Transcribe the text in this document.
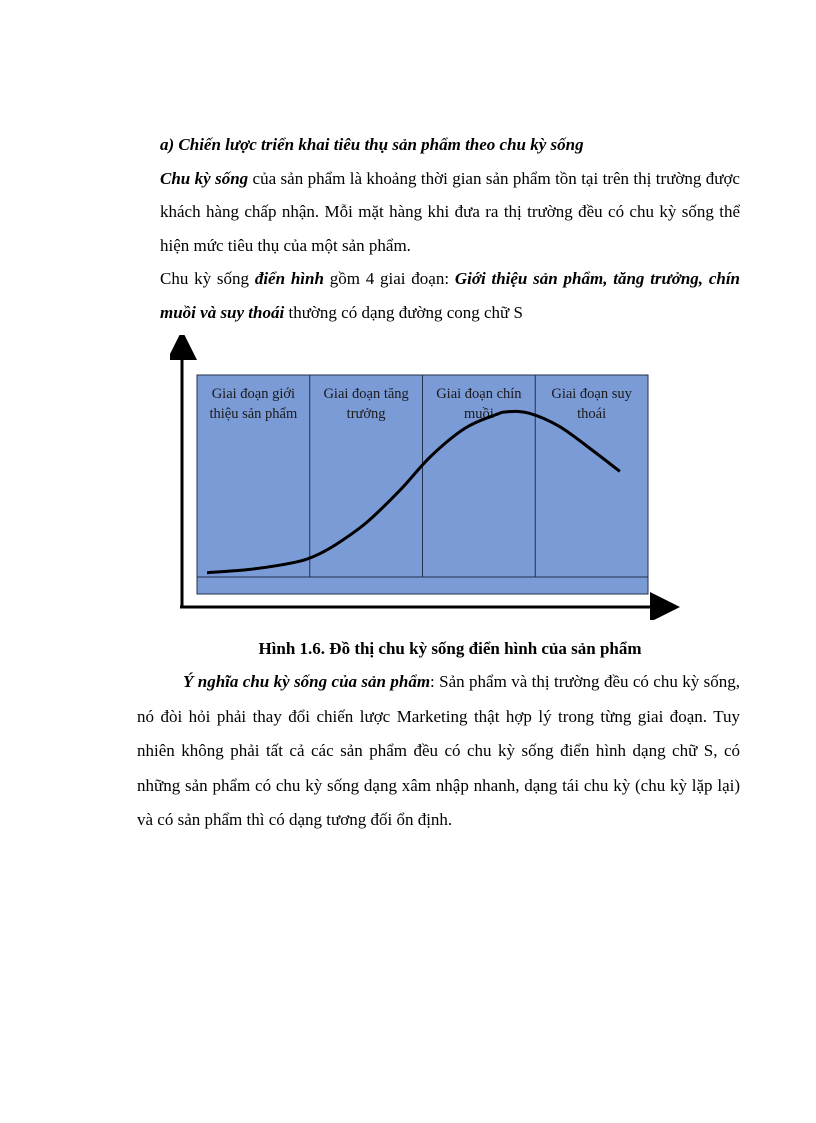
a) Chiến lược triển khai tiêu thụ sản phẩm theo chu kỳ sống

Chu kỳ sống của sản phẩm là khoảng thời gian sản phẩm tồn tại trên thị trường được khách hàng chấp nhận. Mỗi mặt hàng khi đưa ra thị trường đều có chu kỳ sống thể hiện mức tiêu thụ của một sản phẩm.

Chu kỳ sống điển hình gồm 4 giai đoạn: Giới thiệu sản phẩm, tăng trưởng, chín muồi và suy thoái thường có dạng đường cong chữ S

Giai đoạn giới
thiệu sản phẩm
Giai đoạn tăng
trưởng
Giai đoạn chín
muồi
Giai đoạn suy
thoái
Hình 1.6. Đồ thị chu kỳ sống điển hình của sản phẩm

Ý nghĩa chu kỳ sống của sản phẩm: Sản phẩm và thị trường đều có chu kỳ sống, nó đòi hỏi phải thay đổi chiến lược Marketing thật hợp lý trong từng giai đoạn. Tuy nhiên không phải tất cả các sản phẩm đều có chu kỳ sống điển hình dạng chữ S, có những sản phẩm có chu kỳ sống dạng xâm nhập nhanh, dạng tái chu kỳ (chu kỳ lặp lại) và có sản phẩm thì có dạng tương đối ổn định.
